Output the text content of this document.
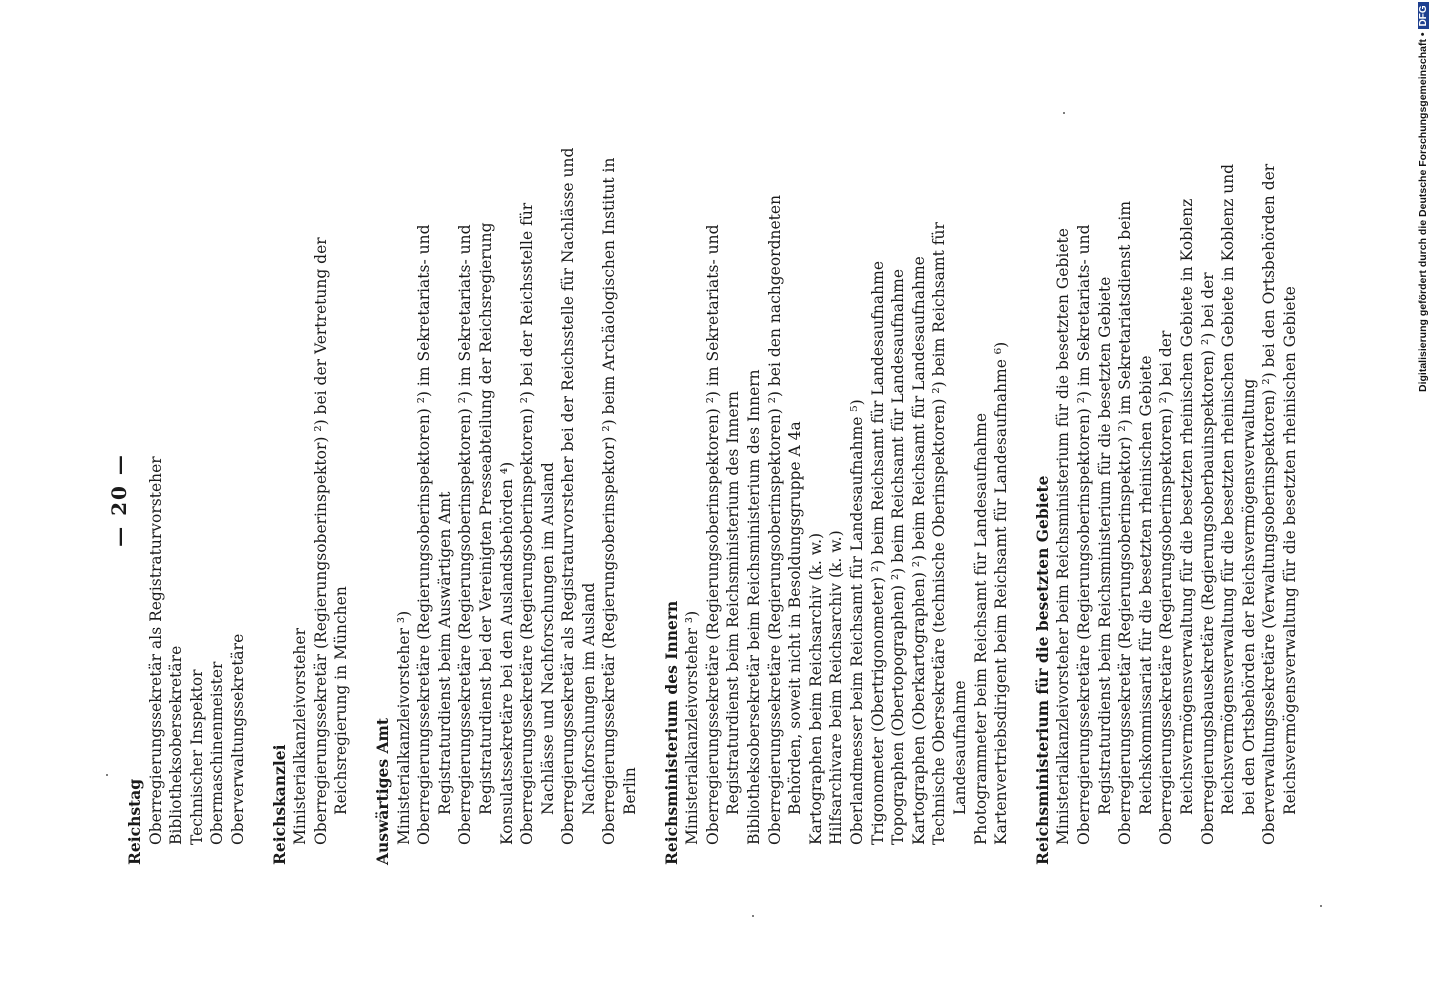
— 20 —
Reichstag Oberregierungssekretär als Registraturvorsteher Bibliotheksobersekretäre Technischer Inspektor Obermaschinenmeister Oberverwaltungssekretäre Reichskanzlei Ministerialkanzleivorsteher Oberregierungssekretär (Regierungsoberinspektor) ²) bei der Vertretung der Reichsregierung in München Auswärtiges Amt Ministerialkanzleivorsteher ³) Oberregierungssekretäre (Regierungsoberinspektoren) ²) im Sekretariats- und Registraturdienst beim Auswärtigen Amt Oberregierungssekretäre (Regierungsoberinspektoren) ²) im Sekretariats- und Registraturdienst bei der Vereinigten Presseabteilung der Reichsregierung Konsulatssekretäre bei den Auslandsbehörden ⁴) Oberregierungssekretäre (Regierungsoberinspektoren) ²) bei der Reichsstelle für Nachlässe und Nachforschungen im Ausland Oberregierungssekretär als Registraturvorsteher bei der Reichsstelle für Nachlässe und Nachforschungen im Ausland Oberregierungssekretär (Regierungsoberinspektor) ²) beim Archäologischen Institut in Berlin Reichsministerium des Innern Ministerialkanzleivorsteher ³) Oberregierungssekretäre (Regierungsoberinspektoren) ²) im Sekretariats- und Registraturdienst beim Reichsministerium des Innern Bibliotheksobersekretär beim Reichsministerium des Innern Oberregierungssekretäre (Regierungsoberinspektoren) ²) bei den nachgeordneten Behörden, soweit nicht in Besoldungsgruppe A 4a Kartographen beim Reichsarchiv (k. w.) Hilfsarchivare beim Reichsarchiv (k. w.) Oberlandmesser beim Reichsamt für Landesaufnahme ⁵) Trigonometer (Obertrigonometer) ²) beim Reichsamt für Landesaufnahme Topographen (Obertopographen) ²) beim Reichsamt für Landesaufnahme Kartographen (Oberkartographen) ²) beim Reichsamt für Landesaufnahme Technische Obersekretäre (technische Oberinspektoren) ²) beim Reichsamt für Landesaufnahme Photogrammeter beim Reichsamt für Landesaufnahme Kartenvertriebsdirigent beim Reichsamt für Landesaufnahme ⁶) Reichsministerium für die besetzten Gebiete Ministerialkanzleivorsteher beim Reichsministerium für die besetzten Gebiete Oberregierungssekretäre (Regierungsoberinspektoren) ²) im Sekretariats- und Registraturdienst beim Reichsministerium für die besetzten Gebiete Oberregierungssekretär (Regierungsoberinspektor) ²) im Sekretariatsdienst beim Reichskommissariat für die besetzten rheinischen Gebiete Oberregierungssekretäre (Regierungsoberinspektoren) ²) bei der Reichsvermögensverwaltung für die besetzten rheinischen Gebiete in Koblenz Oberregierungsbausekretäre (Regierungsoberbauinspektoren) ²) bei der Reichsvermögensverwaltung für die besetzten rheinischen Gebiete in Koblenz und bei den Ortsbehörden der Reichsvermögensverwaltung Oberverwaltungssekretäre (Verwaltungsoberinspektoren) ²) bei den Ortsbehörden der Reichsvermögensverwaltung für die besetzten rheinischen Gebiete

Digitalisierung gefördert durch die Deutsche Forschungsgemeinschaft •DFG
